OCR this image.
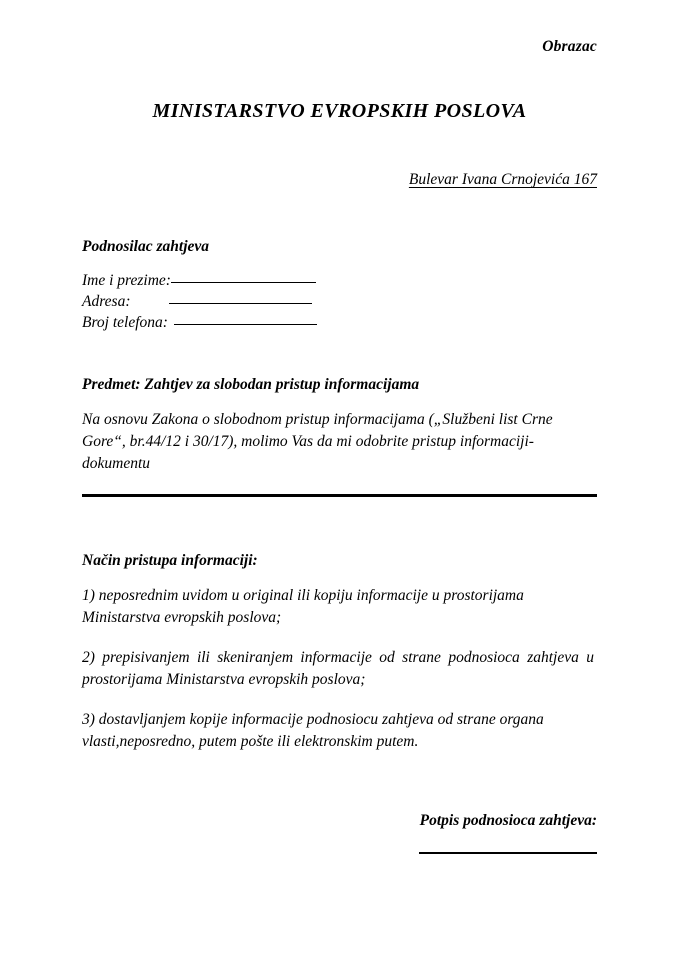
Obrazac
MINISTARSTVO EVROPSKIH POSLOVA
Bulevar Ivana Crnojevića 167
Podnosilac zahtjeva
Ime i prezime:
Adresa:
Broj telefona:
Predmet: Zahtjev za slobodan pristup informacijama
Na osnovu Zakona o slobodnom pristup informacijama („Službeni list Crne Gore“, br.44/12 i 30/17), molimo Vas da mi odobrite pristup informaciji-dokumentu
Način pristupa informaciji:

1) neposrednim uvidom u original ili kopiju informacije u prostorijama Ministarstva evropskih poslova;

2) prepisivanjem ili skeniranjem informacije od strane podnosioca zahtjeva u prostorijama Ministarstva evropskih poslova;

3) dostavljanjem kopije informacije podnosiocu zahtjeva od strane organa vlasti,neposredno, putem pošte ili elektronskim putem.

Potpis podnosioca zahtjeva:
